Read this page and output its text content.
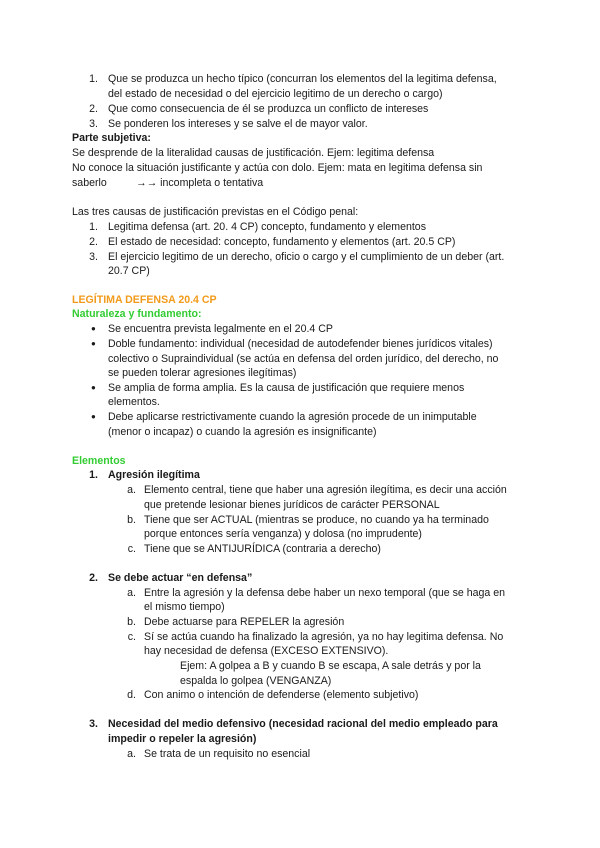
1. Que se produzca un hecho típico (concurran los elementos del la legitima defensa,
del estado de necesidad o del ejercicio legitimo de un derecho o cargo)
2. Que como consecuencia de él se produzca un conflicto de intereses
3. Se ponderen los intereses y se salve el de mayor valor.
Parte subjetiva:
Se desprende de la literalidad causas de justificación. Ejem: legitima defensa
No conoce la situación justificante y actúa con dolo. Ejem: mata en legitima defensa sin
saberlo	→→ incompleta o tentativa
Las tres causas de justificación previstas en el Código penal:
1. Legitima defensa (art. 20. 4 CP) concepto, fundamento y elementos
2. El estado de necesidad: concepto, fundamento y elementos (art. 20.5 CP)
3. El ejercicio legitimo de un derecho, oficio o cargo y el cumplimiento de un deber (art.
20.7 CP)
LEGÍTIMA DEFENSA 20.4 CP
Naturaleza y fundamento:
● Se encuentra prevista legalmente en el 20.4 CP
● Doble fundamento: individual (necesidad de autodefender bienes jurídicos vitales)
colectivo o Supraindividual (se actúa en defensa del orden jurídico, del derecho, no
se pueden tolerar agresiones ilegítimas)
● Se amplia de forma amplia. Es la causa de justificación que requiere menos
elementos.
● Debe aplicarse restrictivamente cuando la agresión procede de un inimputable
(menor o incapaz) o cuando la agresión es insignificante)
Elementos
1. Agresión ilegítima
a. Elemento central, tiene que haber una agresión ilegítima, es decir una acción
que pretende lesionar bienes jurídicos de carácter PERSONAL
b. Tiene que ser ACTUAL (mientras se produce, no cuando ya ha terminado
porque entonces sería venganza) y dolosa (no imprudente)
c. Tiene que se ANTIJURÍDICA (contraria a derecho)
2. Se debe actuar “en defensa”
a. Entre la agresión y la defensa debe haber un nexo temporal (que se haga en
el mismo tiempo)
b. Debe actuarse para REPELER la agresión
c. Sí se actúa cuando ha finalizado la agresión, ya no hay legitima defensa. No
hay necesidad de defensa (EXCESO EXTENSIVO).
Ejem: A golpea a B y cuando B se escapa, A sale detrás y por la
espalda lo golpea (VENGANZA)
d. Con animo o intención de defenderse (elemento subjetivo)
3. Necesidad del medio defensivo (necesidad racional del medio empleado para
impedir o repeler la agresión)
a. Se trata de un requisito no esencial
